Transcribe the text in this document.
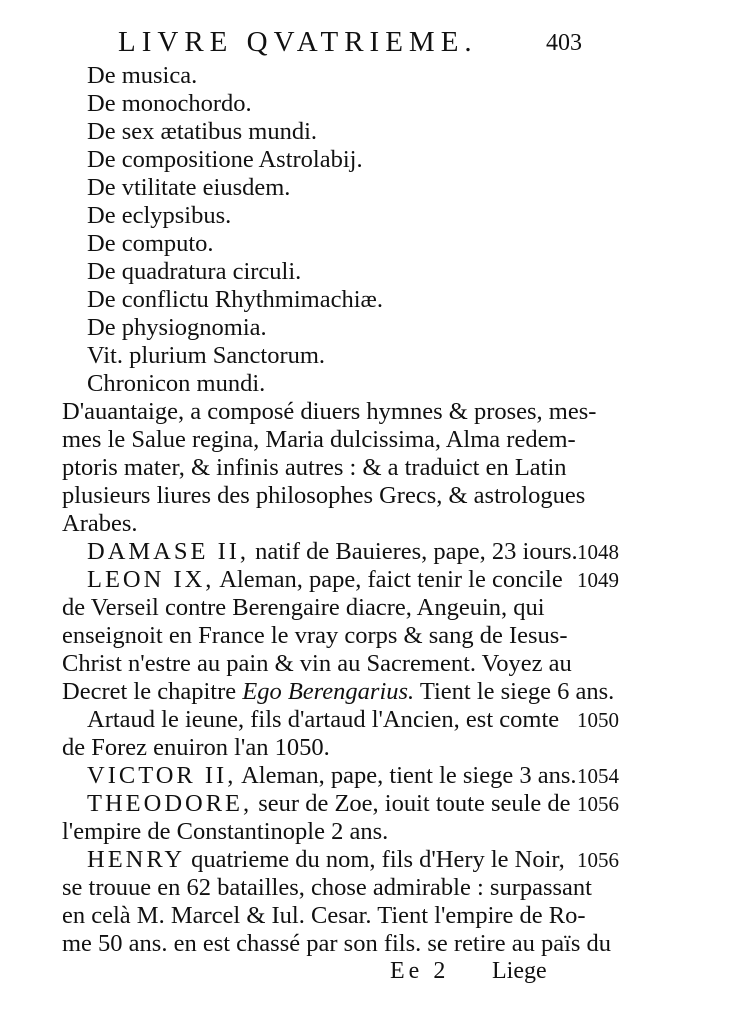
LIVRE QVATRIEME.	403
De musica.
De monochordo.
De sex ætatibus mundi.
De compositione Astrolabij.
De vtilitate eiusdem.
De eclypsibus.
De computo.
De quadratura circuli.
De conflictu Rhythmimachiæ.
De physiognomia.
Vit. plurium Sanctorum.
Chronicon mundi.
D'auantaige, a composé diuers hymnes & proses, mes-
mes le Salue regina, Maria dulcissima, Alma redem-
ptoris mater, & infinis autres : & a traduict en Latin
plusieurs liures des philosophes Grecs, & astrologues
Arabes.
DAMASE II, natif de Bauieres, pape, 23 iours. 1048
LEON IX, Aleman, pape, faict tenir le concile 1049
de Verseil contre Berengaire diacre, Angeuin, qui
enseignoit en France le vray corps & sang de Iesus-
Christ n'estre au pain & vin au Sacrement. Voyez au
Decret le chapitre Ego Berengarius. Tient le siege 6 ans.
Artaud le ieune, fils d'artaud l'Ancien, est comte 1050
de Forez enuiron l'an 1050.
VICTOR II, Aleman, pape, tient le siege 3 ans. 1054
THEODORE, seur de Zoe, iouit toute seule de 1056
l'empire de Constantinople 2 ans.
HENRY quatrieme du nom, fils d'Hery le Noir, 1056
se trouue en 62 batailles, chose admirable : surpassant
en celà M. Marcel & Iul. Cesar. Tient l'empire de Ro-
me 50 ans. en est chassé par son fils. se retire au païs du
Ee 2 Liege
